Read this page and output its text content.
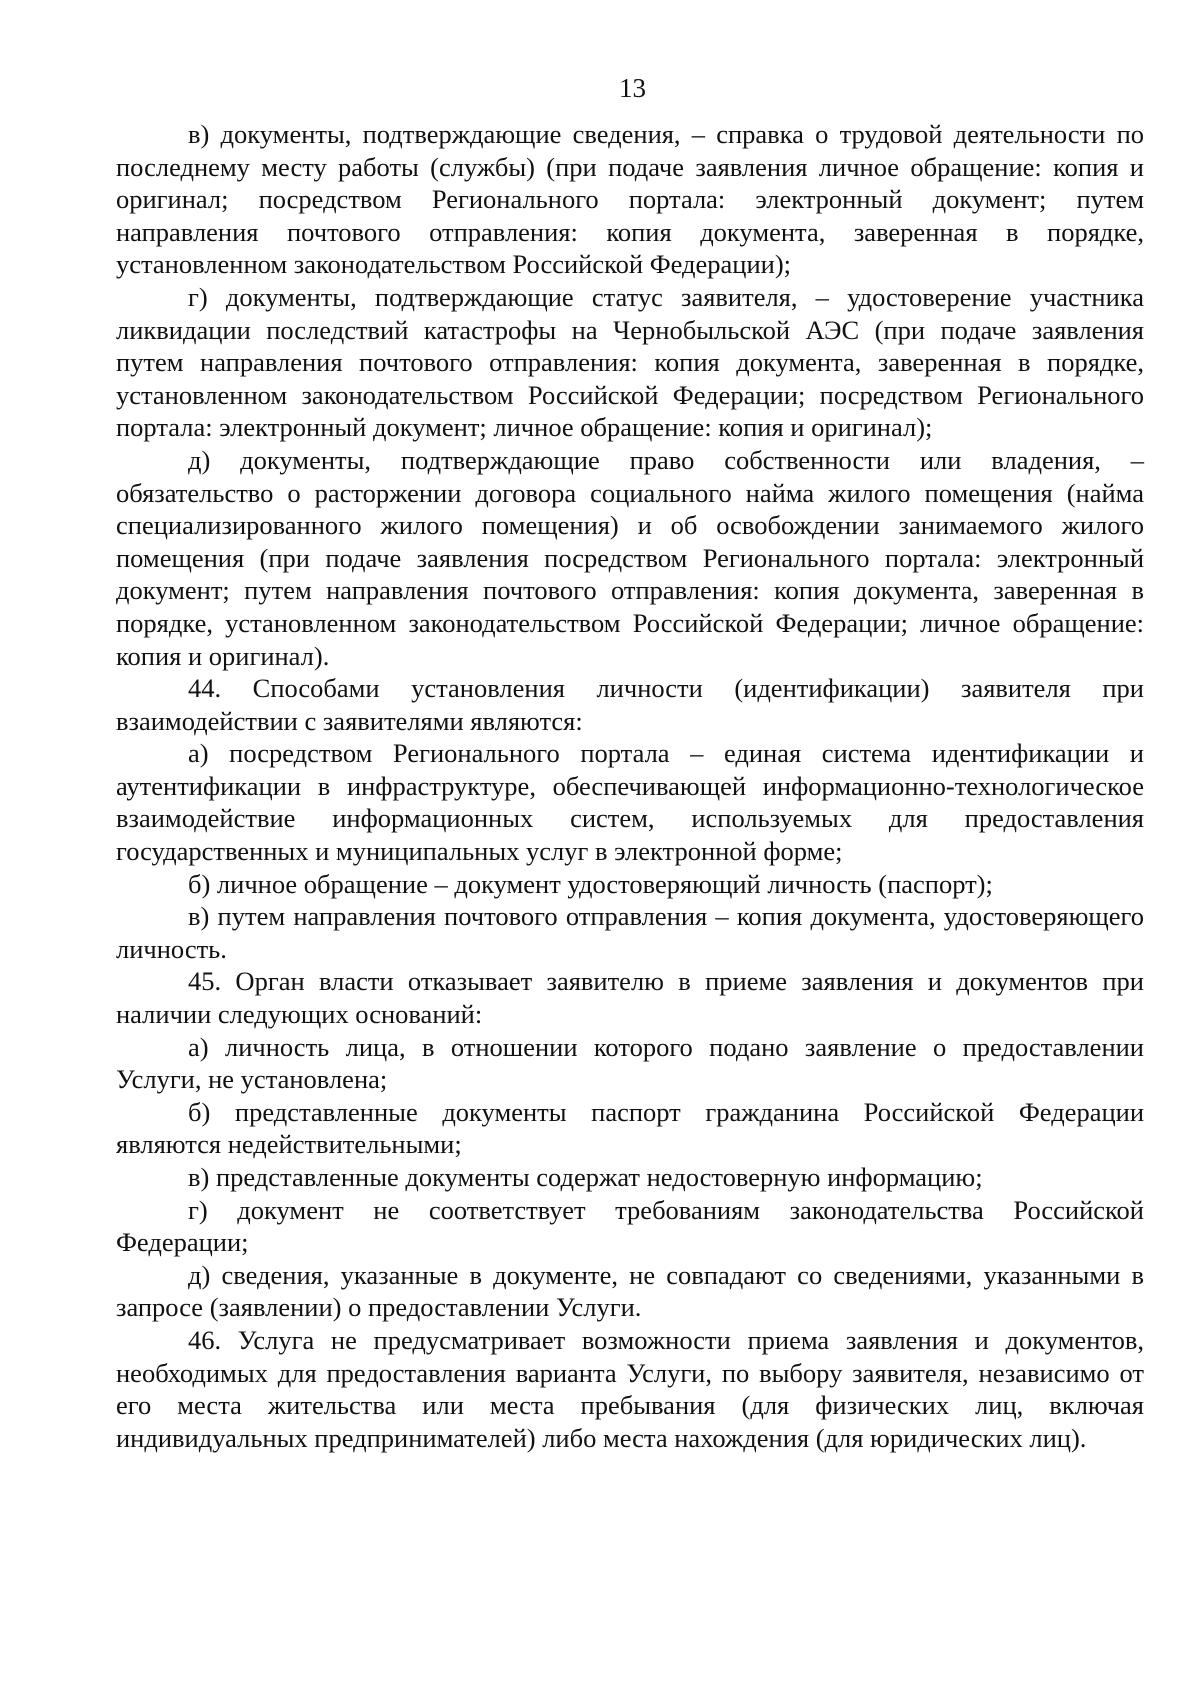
13

в) документы, подтверждающие сведения, – справка о трудовой деятельности по последнему месту работы (службы) (при подаче заявления личное обращение: копия и оригинал; посредством Регионального портала: электронный документ; путем направления почтового отправления: копия документа, заверенная в порядке, установленном законодательством Российской Федерации);

г) документы, подтверждающие статус заявителя, – удостоверение участника ликвидации последствий катастрофы на Чернобыльской АЭС (при подаче заявления путем направления почтового отправления: копия документа, заверенная в порядке, установленном законодательством Российской Федерации; посредством Регионального портала: электронный документ; личное обращение: копия и оригинал);

д) документы, подтверждающие право собственности или владения, – обязательство о расторжении договора социального найма жилого помещения (найма специализированного жилого помещения) и об освобождении занимаемого жилого помещения (при подаче заявления посредством Регионального портала: электронный документ; путем направления почтового отправления: копия документа, заверенная в порядке, установленном законодательством Российской Федерации; личное обращение: копия и оригинал).

44. Способами установления личности (идентификации) заявителя при взаимодействии с заявителями являются:

а) посредством Регионального портала – единая система идентификации и аутентификации в инфраструктуре, обеспечивающей информационно-технологическое взаимодействие информационных систем, используемых для предоставления государственных и муниципальных услуг в электронной форме;

б) личное обращение – документ удостоверяющий личность (паспорт);

в) путем направления почтового отправления – копия документа, удостоверяющего личность.

45. Орган власти отказывает заявителю в приеме заявления и документов при наличии следующих оснований:

а) личность лица, в отношении которого подано заявление о предоставлении Услуги, не установлена;

б) представленные документы паспорт гражданина Российской Федерации являются недействительными;

в) представленные документы содержат недостоверную информацию;

г) документ не соответствует требованиям законодательства Российской Федерации;

д) сведения, указанные в документе, не совпадают со сведениями, указанными в запросе (заявлении) о предоставлении Услуги.

46. Услуга не предусматривает возможности приема заявления и документов, необходимых для предоставления варианта Услуги, по выбору заявителя, независимо от его места жительства или места пребывания (для физических лиц, включая индивидуальных предпринимателей) либо места нахождения (для юридических лиц).
